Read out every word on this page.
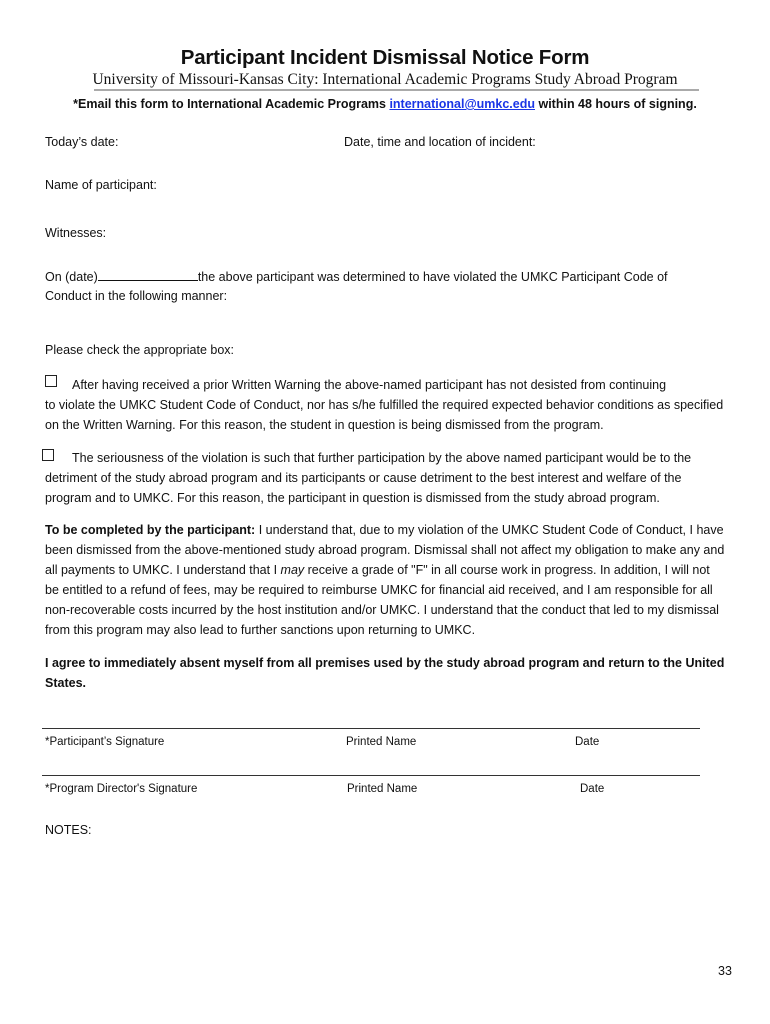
Participant Incident Dismissal Notice Form
University of Missouri-Kansas City: International Academic Programs Study Abroad Program
*Email this form to International Academic Programs international@umkc.edu within 48 hours of signing.
Today’s date:	Date, time and location of incident:
Name of participant:
Witnesses:
On (date)	the above participant was determined to have violated the UMKC Participant Code of
Conduct in the following manner:
Please check the appropriate box:
After having received a prior Written Warning the above-named participant has not desisted from continuing
to violate the UMKC Student Code of Conduct, nor has s/he fulfilled the required expected behavior conditions as specified on the Written Warning. For this reason, the student in question is being dismissed from the program.
The seriousness of the violation is such that further participation by the above named participant would be to the
detriment of the study abroad program and its participants or cause detriment to the best interest and welfare of the program and to UMKC. For this reason, the participant in question is dismissed from the study abroad program.
To be completed by the participant: I understand that, due to my violation of the UMKC Student Code of Conduct, I have been dismissed from the above-mentioned study abroad program. Dismissal shall not affect my obligation to make any and all payments to UMKC. I understand that I may receive a grade of "F" in all course work in progress. In addition, I will not be entitled to a refund of fees, may be required to reimburse UMKC for financial aid received, and I am responsible for all non-recoverable costs incurred by the host institution and/or UMKC. I understand that the conduct that led to my dismissal from this program may also lead to further sanctions upon returning to UMKC.
I agree to immediately absent myself from all premises used by the study abroad program and return to the United States.
*Participant’s Signature	Printed Name	Date
*Program Director's Signature	Printed Name	Date
NOTES:
33
